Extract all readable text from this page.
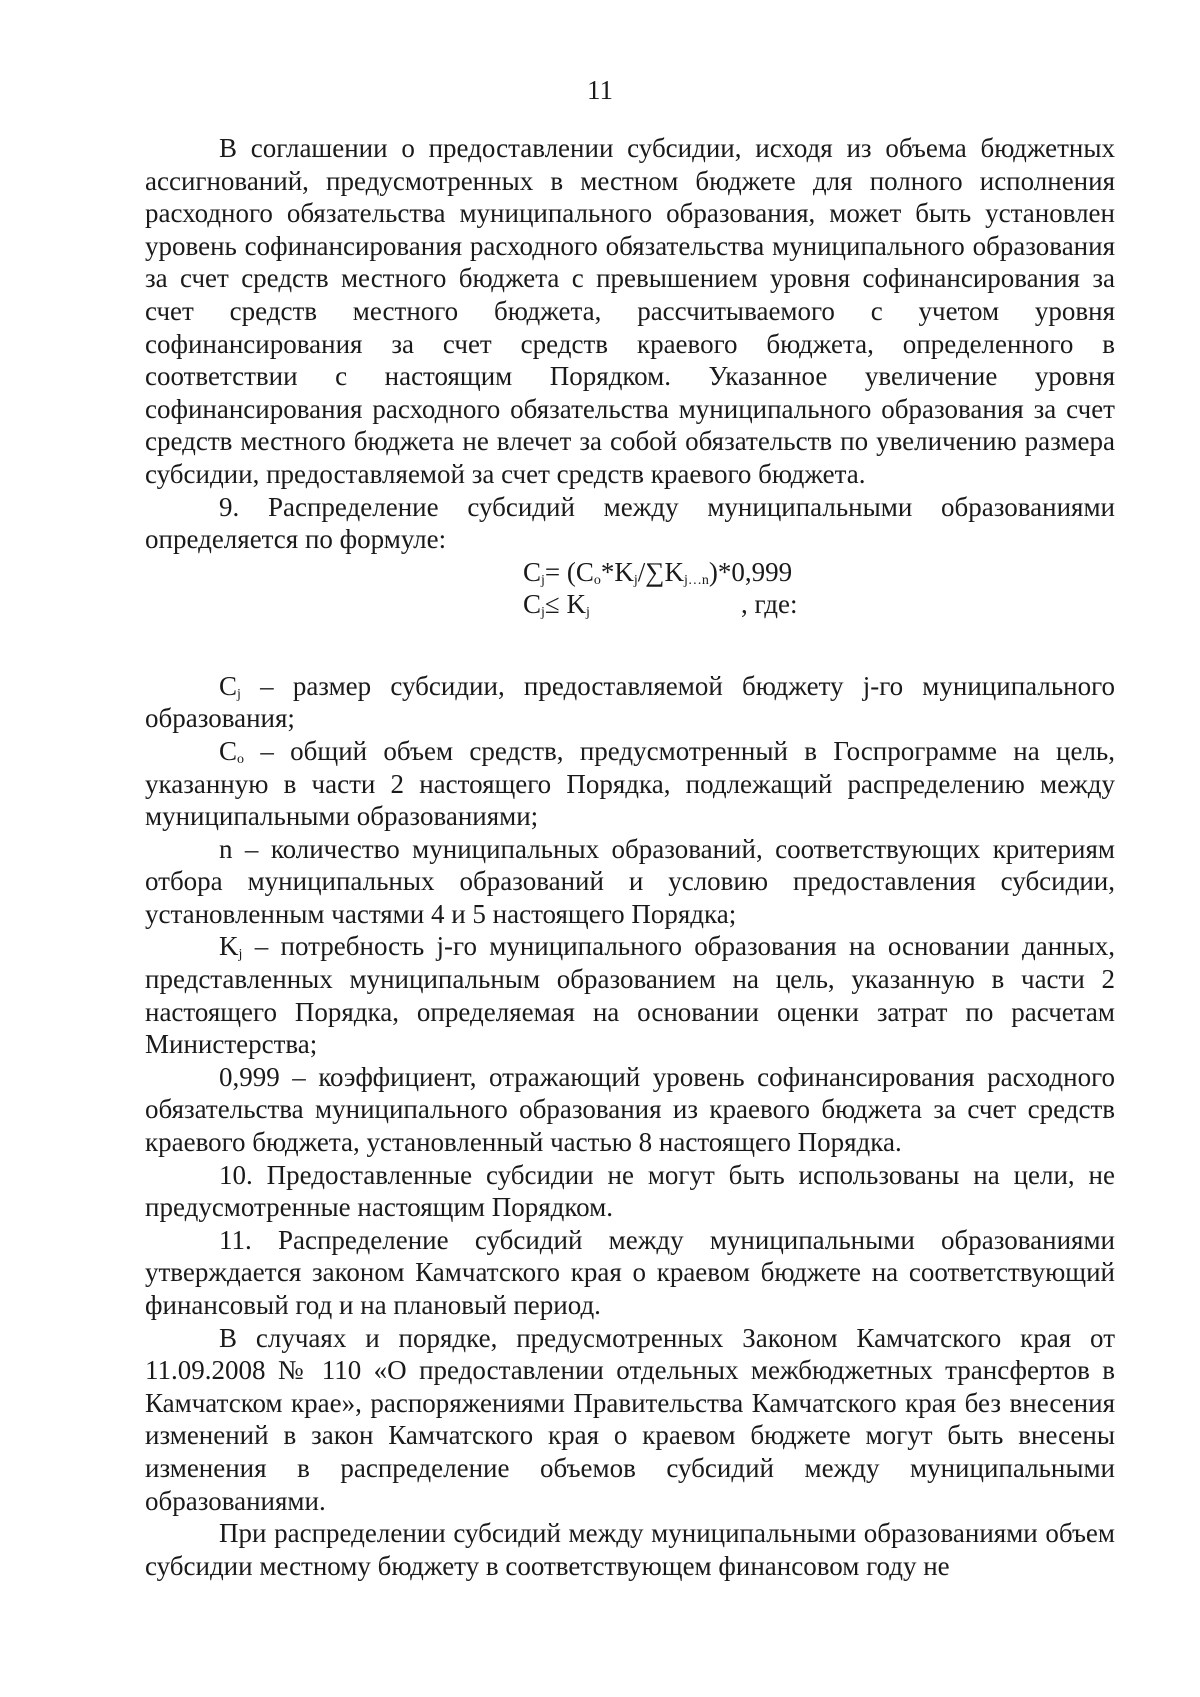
11

В соглашении о предоставлении субсидии, исходя из объема бюджетных ассигнований, предусмотренных в местном бюджете для полного исполнения расходного обязательства муниципального образования, может быть установлен уровень софинансирования расходного обязательства муниципального образования за счет средств местного бюджета с превышением уровня софинансирования за счет средств местного бюджета, рассчитываемого с учетом уровня софинансирования за счет средств краевого бюджета, определенного в соответствии с настоящим Порядком. Указанное увеличение уровня софинансирования расходного обязательства муниципального образования за счет средств местного бюджета не влечет за собой обязательств по увеличению размера субсидии, предоставляемой за счет средств краевого бюджета.

9. Распределение субсидий между муниципальными образованиями определяется по формуле:

$C_j= (C_o*K_j/\sum K_{j\dots n})*0,999$
$C_j\le K_j$	, где:

$C_j$ – размер субсидии, предоставляемой бюджету j-го муниципального образования;

$C_o$ – общий объем средств, предусмотренный в Госпрограмме на цель, указанную в части 2 настоящего Порядка, подлежащий распределению между муниципальными образованиями;

n – количество муниципальных образований, соответствующих критериям отбора муниципальных образований и условию предоставления субсидии, установленным частями 4 и 5 настоящего Порядка;

$K_j$ – потребность j-го муниципального образования на основании данных, представленных муниципальным образованием на цель, указанную в части 2 настоящего Порядка, определяемая на основании оценки затрат по расчетам Министерства;

0,999 – коэффициент, отражающий уровень софинансирования расходного обязательства муниципального образования из краевого бюджета за счет средств краевого бюджета, установленный частью 8 настоящего Порядка.

10. Предоставленные субсидии не могут быть использованы на цели, не предусмотренные настоящим Порядком.

11. Распределение субсидий между муниципальными образованиями утверждается законом Камчатского края о краевом бюджете на соответствующий финансовый год и на плановый период.

В случаях и порядке, предусмотренных Законом Камчатского края от 11.09.2008 № 110 «О предоставлении отдельных межбюджетных трансфертов в Камчатском крае», распоряжениями Правительства Камчатского края без внесения изменений в закон Камчатского края о краевом бюджете могут быть внесены изменения в распределение объемов субсидий между муниципальными образованиями.

При распределении субсидий между муниципальными образованиями объем субсидии местному бюджету в соответствующем финансовом году не
